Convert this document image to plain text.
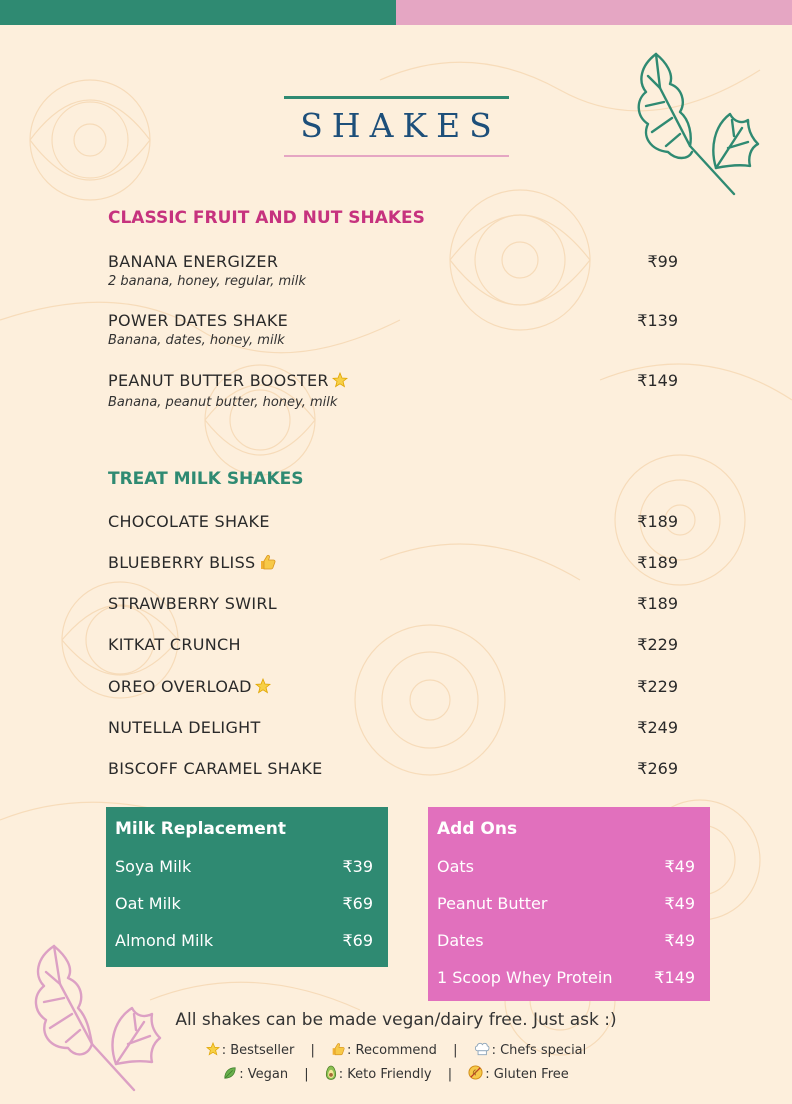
SHAKES
CLASSIC FRUIT AND NUT SHAKES
BANANA ENERGIZER
2 banana, honey, regular, milk
₹99
POWER DATES SHAKE
Banana, dates, honey, milk
₹139
PEANUT BUTTER BOOSTER
Banana, peanut butter, honey, milk
₹149
TREAT MILK SHAKES
CHOCOLATE SHAKE	₹189
BLUEBERRY BLISS	₹189
STRAWBERRY SWIRL	₹189
KITKAT CRUNCH	₹229
OREO OVERLOAD	₹229
NUTELLA DELIGHT	₹249
BISCOFF CARAMEL SHAKE	₹269
Milk Replacement
Soya Milk	₹39
Oat Milk	₹69
Almond Milk	₹69
Add Ons
Oats	₹49
Peanut Butter	₹49
Dates	₹49
1 Scoop Whey Protein	₹149
All shakes can be made vegan/dairy free. Just ask :)
: Bestseller | : Recommend |	: Chefs special
: Vegan | : Keto Friendly |	: Gluten Free
